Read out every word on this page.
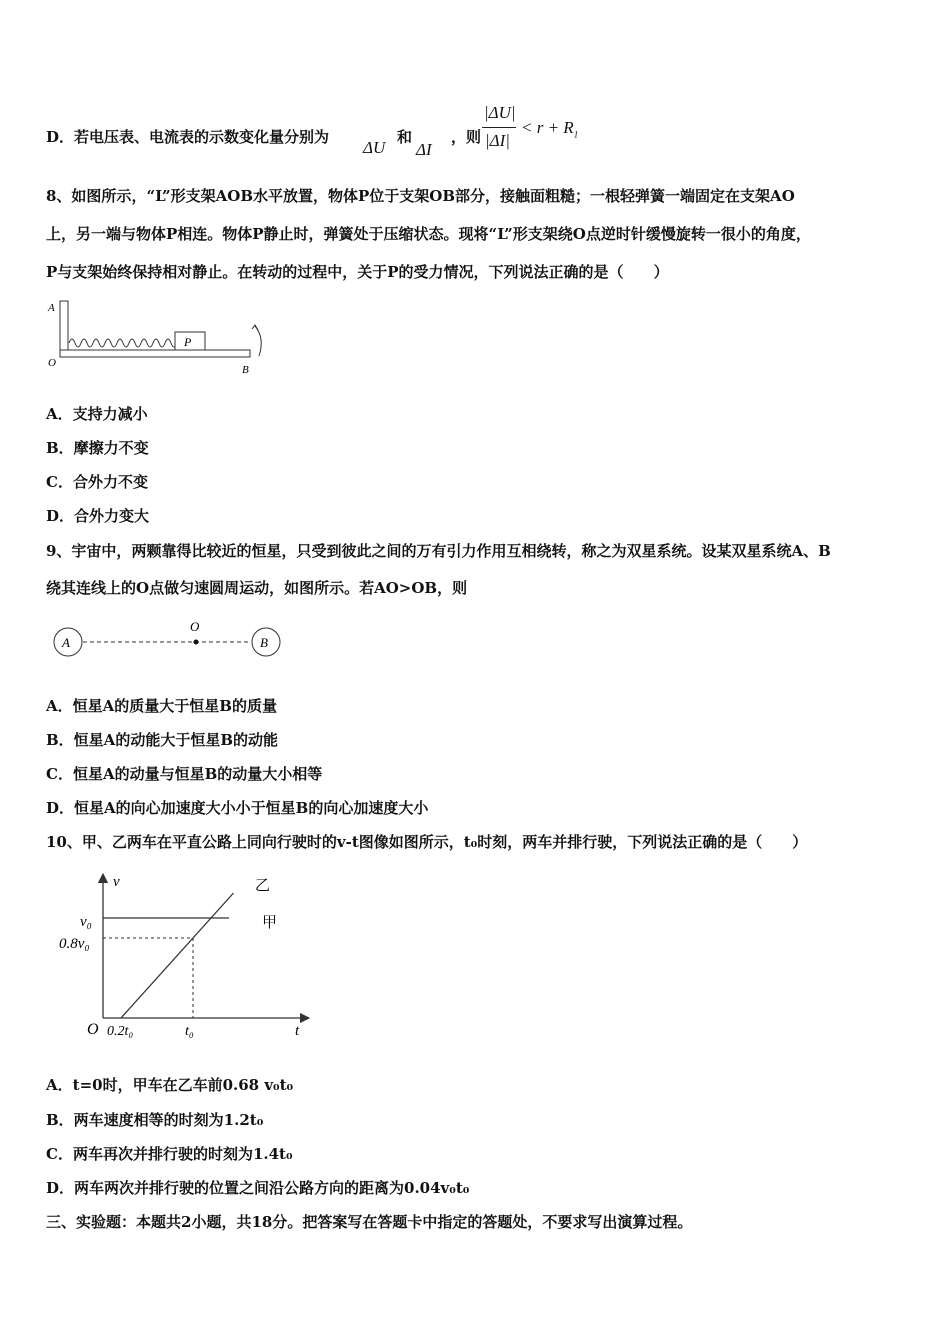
D．若电压表、电流表的示数变化量分别为
ΔU
和
ΔI
，则
|ΔU|
|ΔI|
< $r + R_1$
8、如图所示，“L”形支架AOB水平放置，物体P位于支架OB部分，接触面粗糙；一根轻弹簧一端固定在支架AO
上，另一端与物体P相连。物体P静止时，弹簧处于压缩状态。现将“L”形支架绕O点逆时针缓慢旋转一很小的角度，
P与支架始终保持相对静止。在转动的过程中，关于P的受力情况，下列说法正确的是（　　）
P
A
O
B
A．支持力减小
B．摩擦力不变
C．合外力不变
D．合外力变大
9、宇宙中，两颗靠得比较近的恒星，只受到彼此之间的万有引力作用互相绕转，称之为双星系统。设某双星系统A、B
绕其连线上的O点做匀速圆周运动，如图所示。若AO>OB，则
A	B
O
A．恒星A的质量大于恒星B的质量
B．恒星A的动能大于恒星B的动能
C．恒星A的动量与恒星B的动量大小相等
D．恒星A的向心加速度大小小于恒星B的向心加速度大小
10、甲、乙两车在平直公路上同向行驶时的v-t图像如图所示，t₀时刻，两车并排行驶，下列说法正确的是（　　）
v
t
O
v₀
0.8v₀
0.2t₀	t₀
甲
乙
A．t=0时，甲车在乙车前0.68 v₀t₀
B．两车速度相等的时刻为1.2t₀
C．两车再次并排行驶的时刻为1.4t₀
D．两车两次并排行驶的位置之间沿公路方向的距离为0.04v₀t₀
三、实验题：本题共2小题，共18分。把答案写在答题卡中指定的答题处，不要求写出演算过程。
